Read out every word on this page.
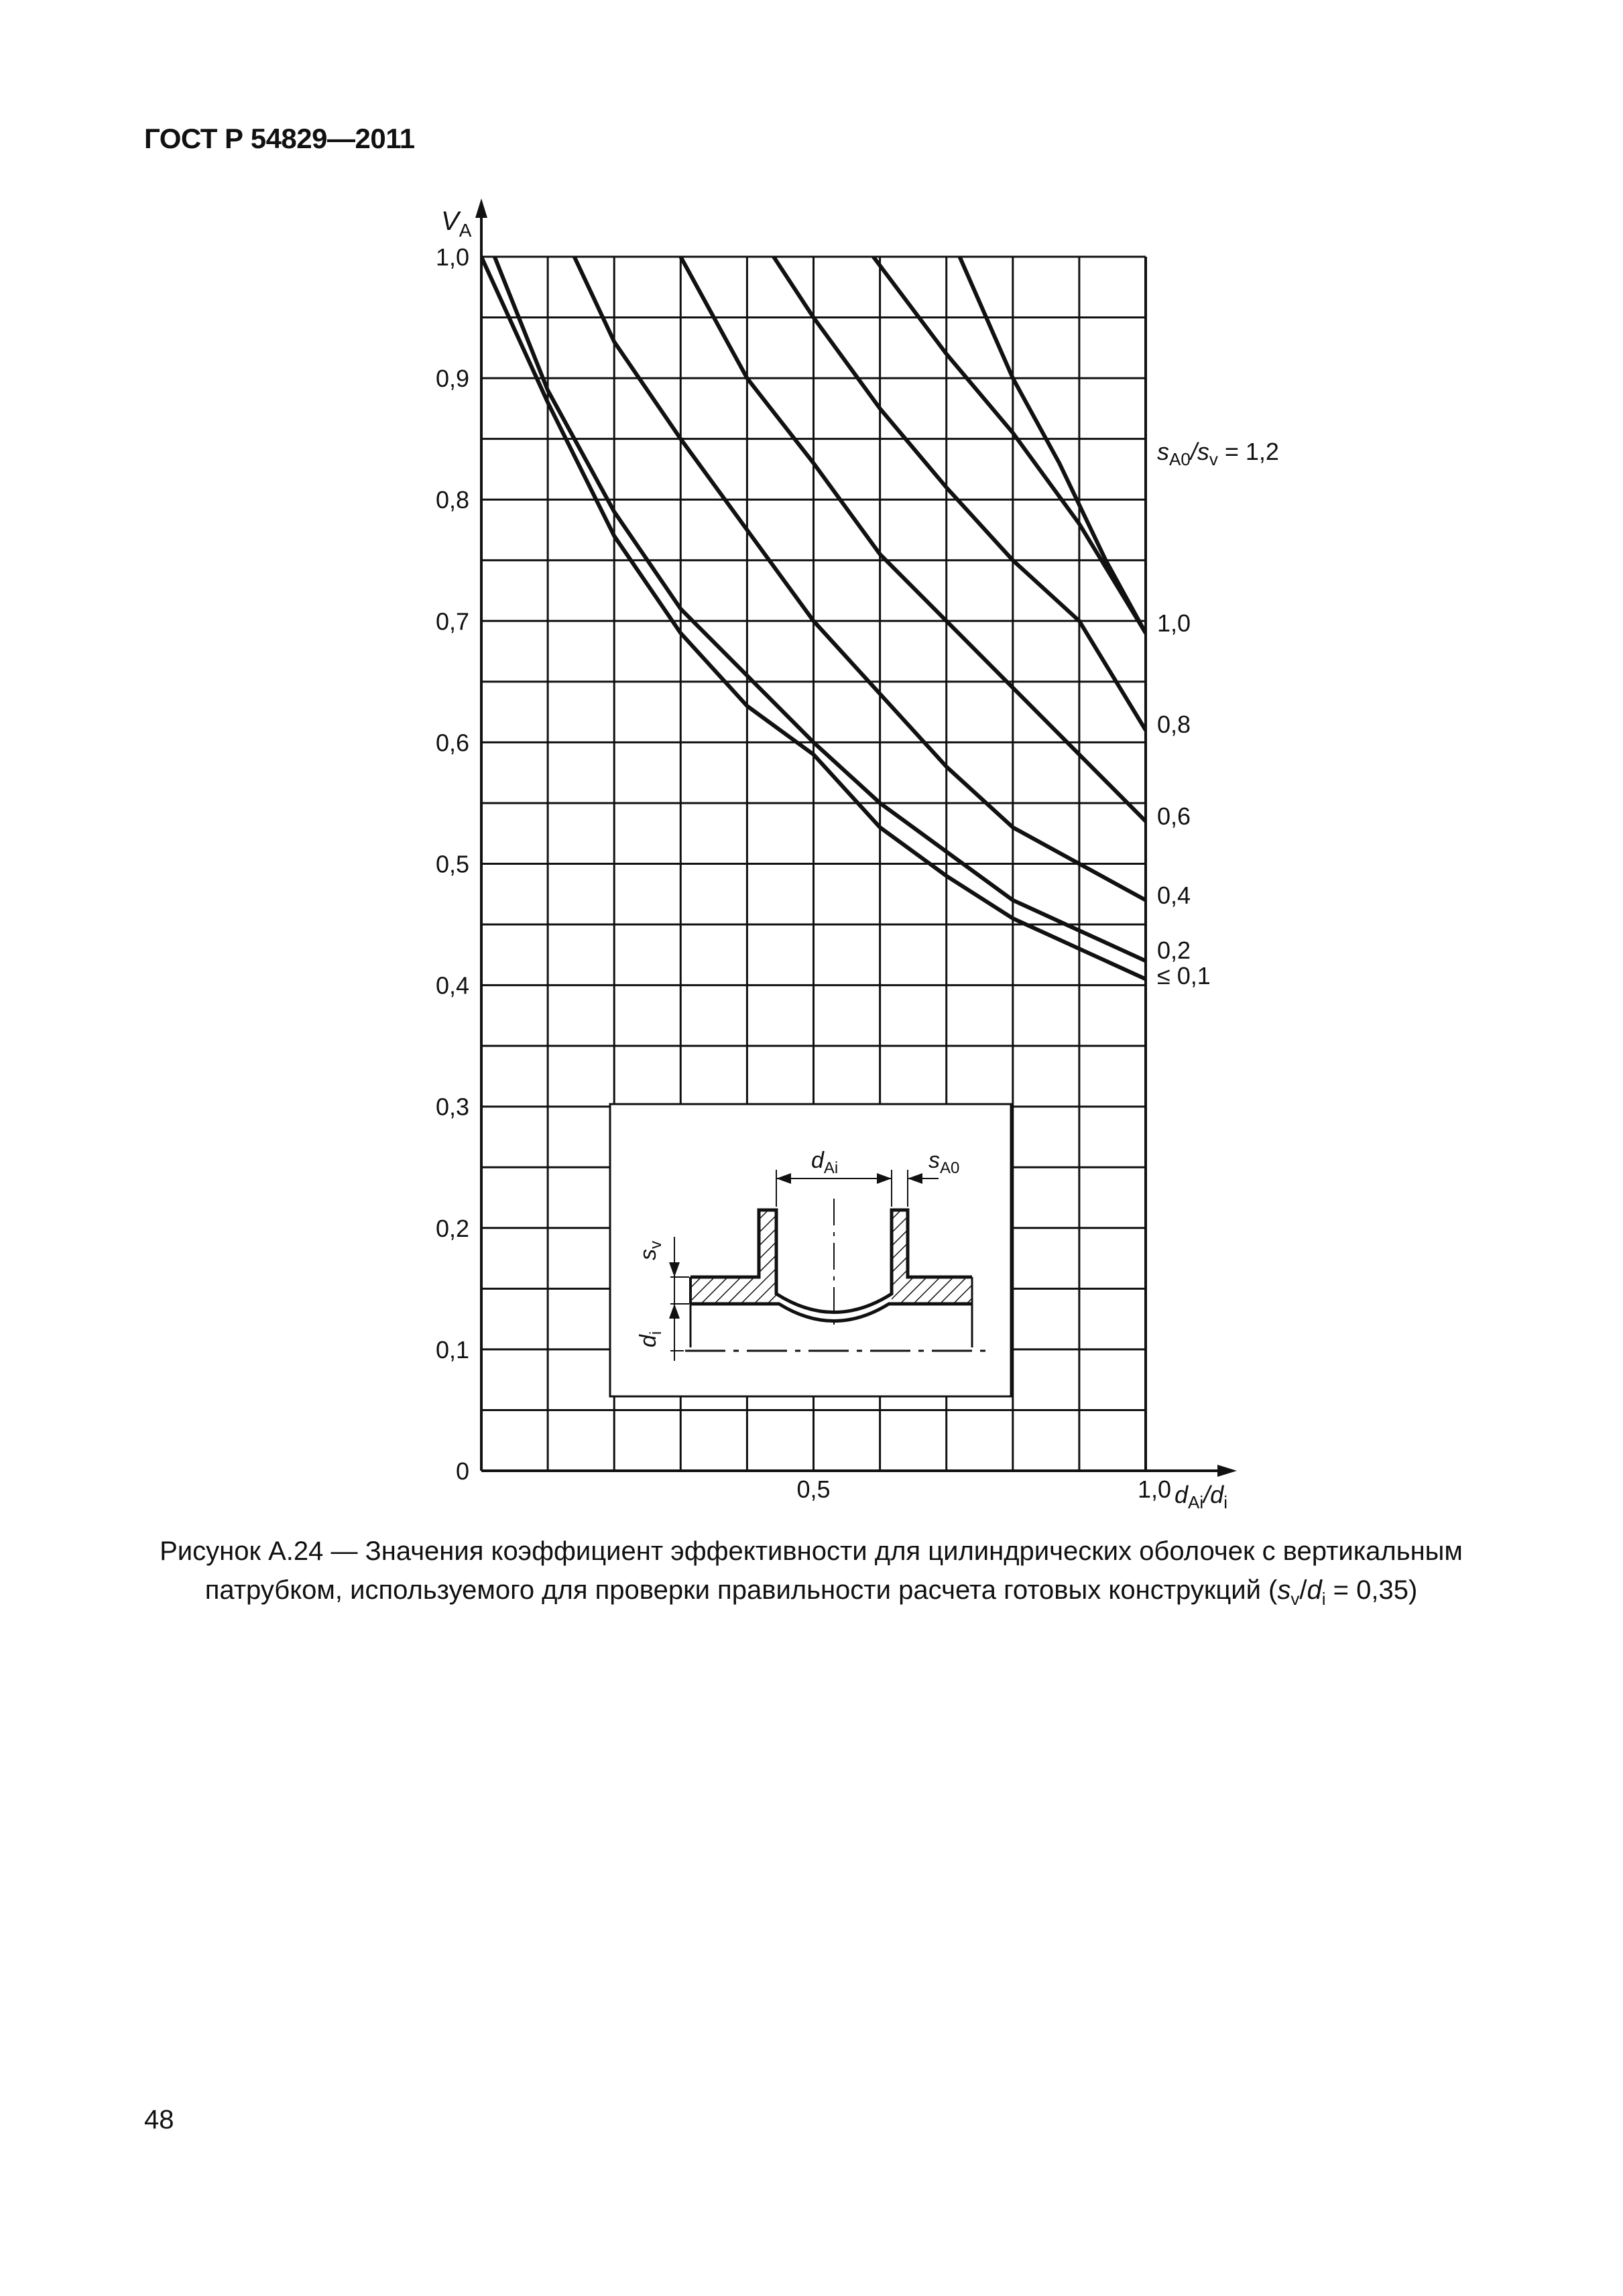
ГОСТ Р 54829—2011
$V_A$
1,0
0,9
0,8
0,7
0,6
0,5
0,4
0,3
0,2
0,1
0
0,5	1,0 $d_{Ai}/d_i$
$s_{A0}/s_v = 1,2$
1,0
0,8
0,6
0,4
0,2
≤ 0,1
$d_{Ai}$	$s_{A0}$
$s_v$
$d_i$
Рисунок А.24 — Значения коэффициент эффективности для цилиндрических оболочек с вертикальным
патрубком, используемого для проверки правильности расчета готовых конструкций $(s_v/d_i = 0,35)$
48
